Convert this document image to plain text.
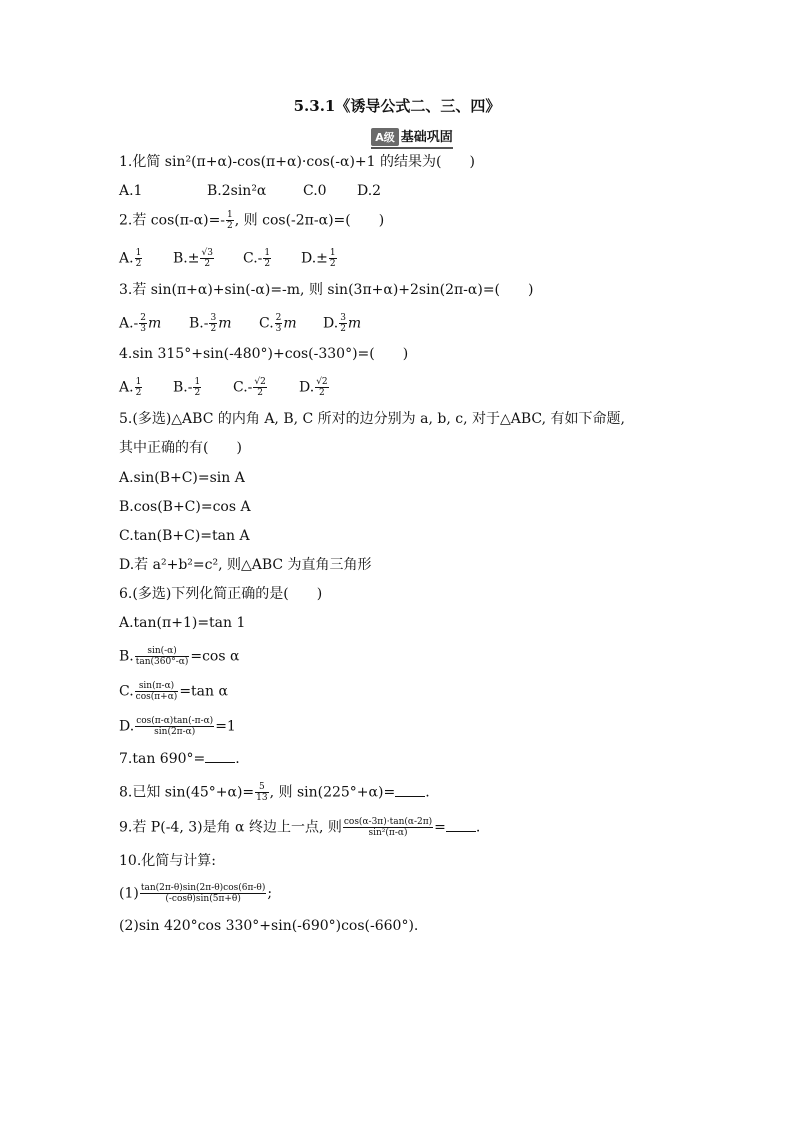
5.3.1《诱导公式二、三、四》
A级 基础巩固
1.化简 sin²(π+α)-cos(π+α)·cos(-α)+1 的结果为(　　)
A.1	B.2sin²α	C.0 D.2
2.若 $\cos(\pi-\alpha)=- \frac{1}{2}$ , 则 cos(-2π-α)=(　　)
A. $\frac{1}{2} B.\pm \frac{√3}{2} C.- \frac{1}{2} D.\pm \frac{1}{2}$
3.若 sin(π+α)+sin(-α)=-m, 则 sin(3π+α)+2sin(2π-α)=(　　)
$A.- \frac{2}{3}$ m $B.- \frac{3}{2}$ m C. $\frac{2}{3}$ m D. $\frac{3}{2}$ m
4.sin 315°+sin(-480°)+cos(-330°)=(　　)
A. $\frac{1}{2} B.- \frac{1}{2} C.- \frac{√2}{2} D$. $\frac{√2}{2}$
5.(多选)△ABC 的内角 A, B, C 所对的边分别为 a, b, c, 对于△ABC, 有如下命题,
其中正确的有(　　)
A.sin(B+C)=sin A
B.cos(B+C)=cos A
C.tan(B+C)=tan A
D.若 a²+b²=c², 则△ABC 为直角三角形
6.(多选)下列化简正确的是(　　)
A.tan(π+1)=tan 1
B. $\frac{\sin(-\alpha)}{\tan(360^\circ-\alpha)} =\cos$ α
C. $\frac{\sin(\pi-\alpha)}{\cos(\pi+\alpha)} =\tan$ α
D. $\frac{\cos(\pi-\alpha)\tan(-\pi-\alpha)}{\sin(2\pi-\alpha)} =1$
7.tan 690°= .
8.已知 $\sin(45^\circ+\alpha)= \frac{5}{13}$ , 则 sin(225°+α)= .
9.若 P(-4, 3)是角 α 终边上一点, 则 $\frac{\cos(\alpha-3\pi)\cdot\tan(\alpha-2\pi)}{\text{sin²(π-α)}}$ = .
10.化简与计算:
$(1) \frac{\tan(2\pi-\theta)\sin(2\pi-\theta)\cos(6\pi-\theta)}{(-\cos\theta)\sin(5\pi+\theta)}$ ;
(2)sin 420°cos 330°+sin(-690°)cos(-660°).
